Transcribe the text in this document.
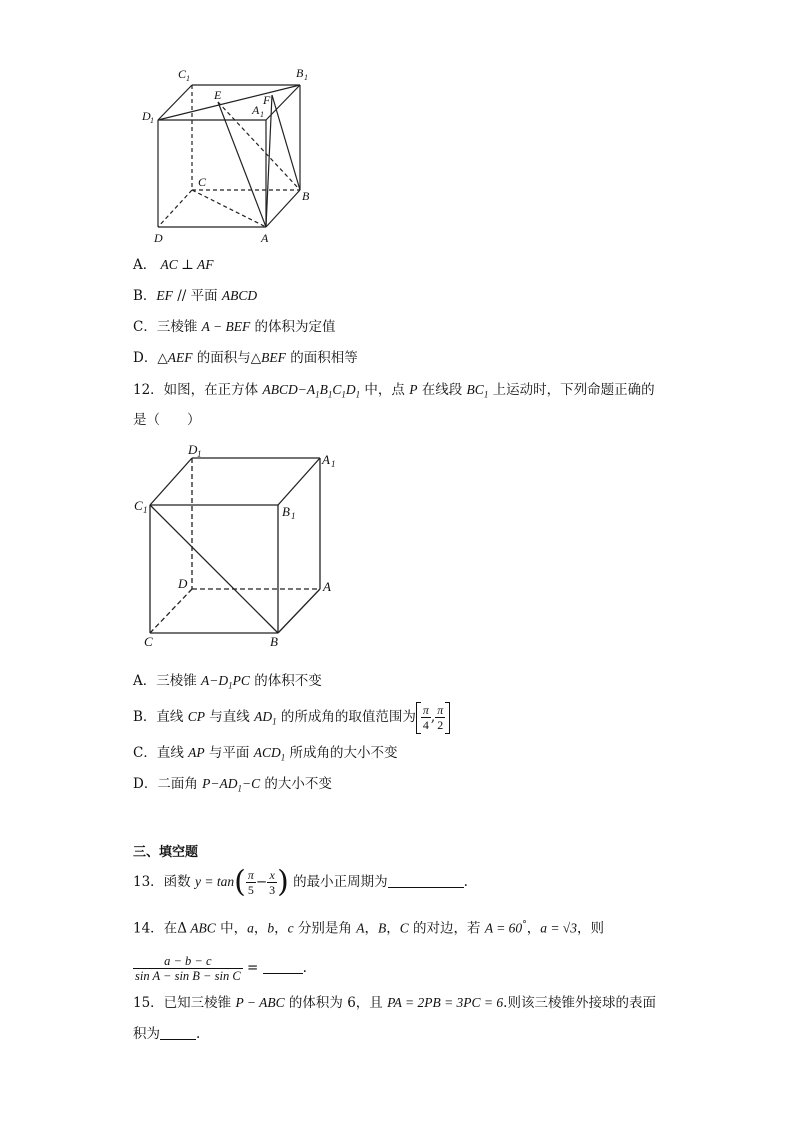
C 1	B 1
D 1
A 1
E	F
C
B
D	A
A． AC ⊥ AF
B．EF // 平面 ABCD
C．三棱锥 A − BEF 的体积为定值
D．△AEF 的面积与△BEF 的面积相等
12．如图，在正方体 $ABCD-A_1B_1C_1D_1$ 中，点 P 在线段 $BC_1$ 上运动时，下列命题正确的
是（　　）
D 1	A 1
C 1	B 1
D	A
C	B
A．三棱锥 $A-D_1PC$ 的体积不变
B．直线 CP 与直线 $AD_1$ 的所成角的取值范围为 $\frac{\pi}{4}$ , $\frac{\pi}{2}$
C．直线 AP 与平面 $ACD_1$ 所成角的大小不变
D．二面角 $P-AD_1-C$ 的大小不变
三、填空题
13．函数 $y = \tan( \frac{\pi}{5} - \frac{x}{3}$ ) 的最小正周期为	.
14．在Δ ABC 中，a，b，c 分别是角 A，B，C 的对边，若 A = 60°，a = √3，则
$\frac{a - b - c}{\text{sin A − sin B − sin C}}$ =	.
15．已知三棱锥 P − ABC 的体积为 6，且 PA = 2PB = 3PC = 6.则该三棱锥外接球的表面
积为	.
